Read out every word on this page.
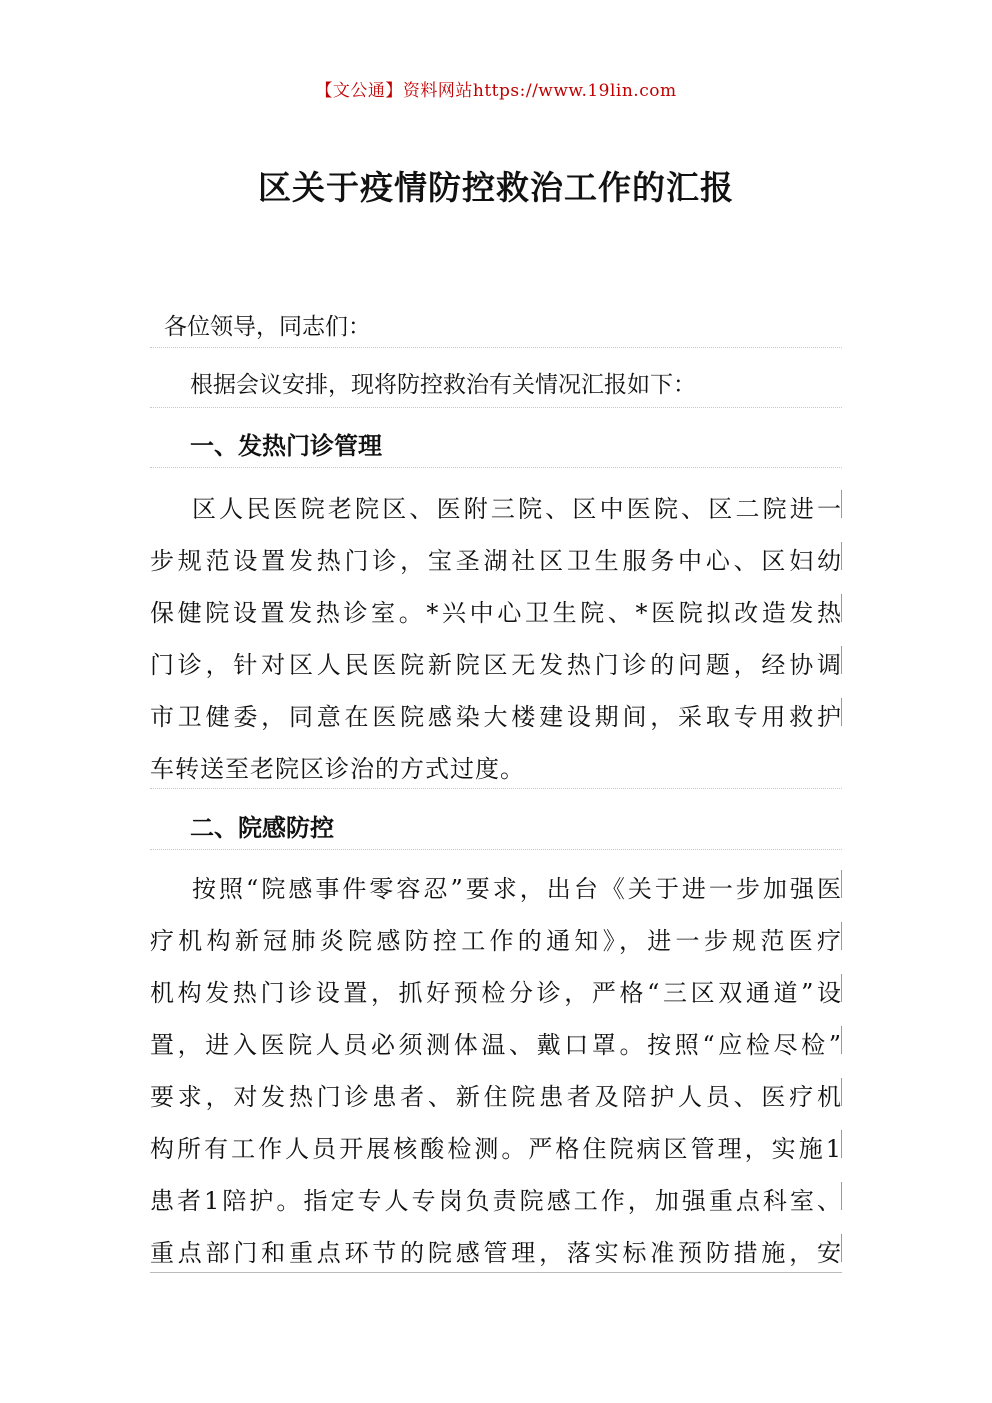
【文公通】资料网站https://www.19lin.com
区关于疫情防控救治工作的汇报
各位领导，同志们：
根据会议安排，现将防控救治有关情况汇报如下：
一、发热门诊管理
区人民医院老院区、医附三院、区中医院、区二院进一
步规范设置发热门诊，宝圣湖社区卫生服务中心、区妇幼
保健院设置发热诊室。*兴中心卫生院、*医院拟改造发热
门诊，针对区人民医院新院区无发热门诊的问题，经协调
市卫健委，同意在医院感染大楼建设期间，采取专用救护
车转送至老院区诊治的方式过度。
二、院感防控
按照“院感事件零容忍”要求，出台《关于进一步加强医
疗机构新冠肺炎院感防控工作的通知》，进一步规范医疗
机构发热门诊设置，抓好预检分诊，严格“三区双通道”设
置，进入医院人员必须测体温、戴口罩。按照“应检尽检”
要求，对发热门诊患者、新住院患者及陪护人员、医疗机
构所有工作人员开展核酸检测。严格住院病区管理，实施1
患者1陪护。指定专人专岗负责院感工作，加强重点科室、
重点部门和重点环节的院感管理，落实标准预防措施，安
